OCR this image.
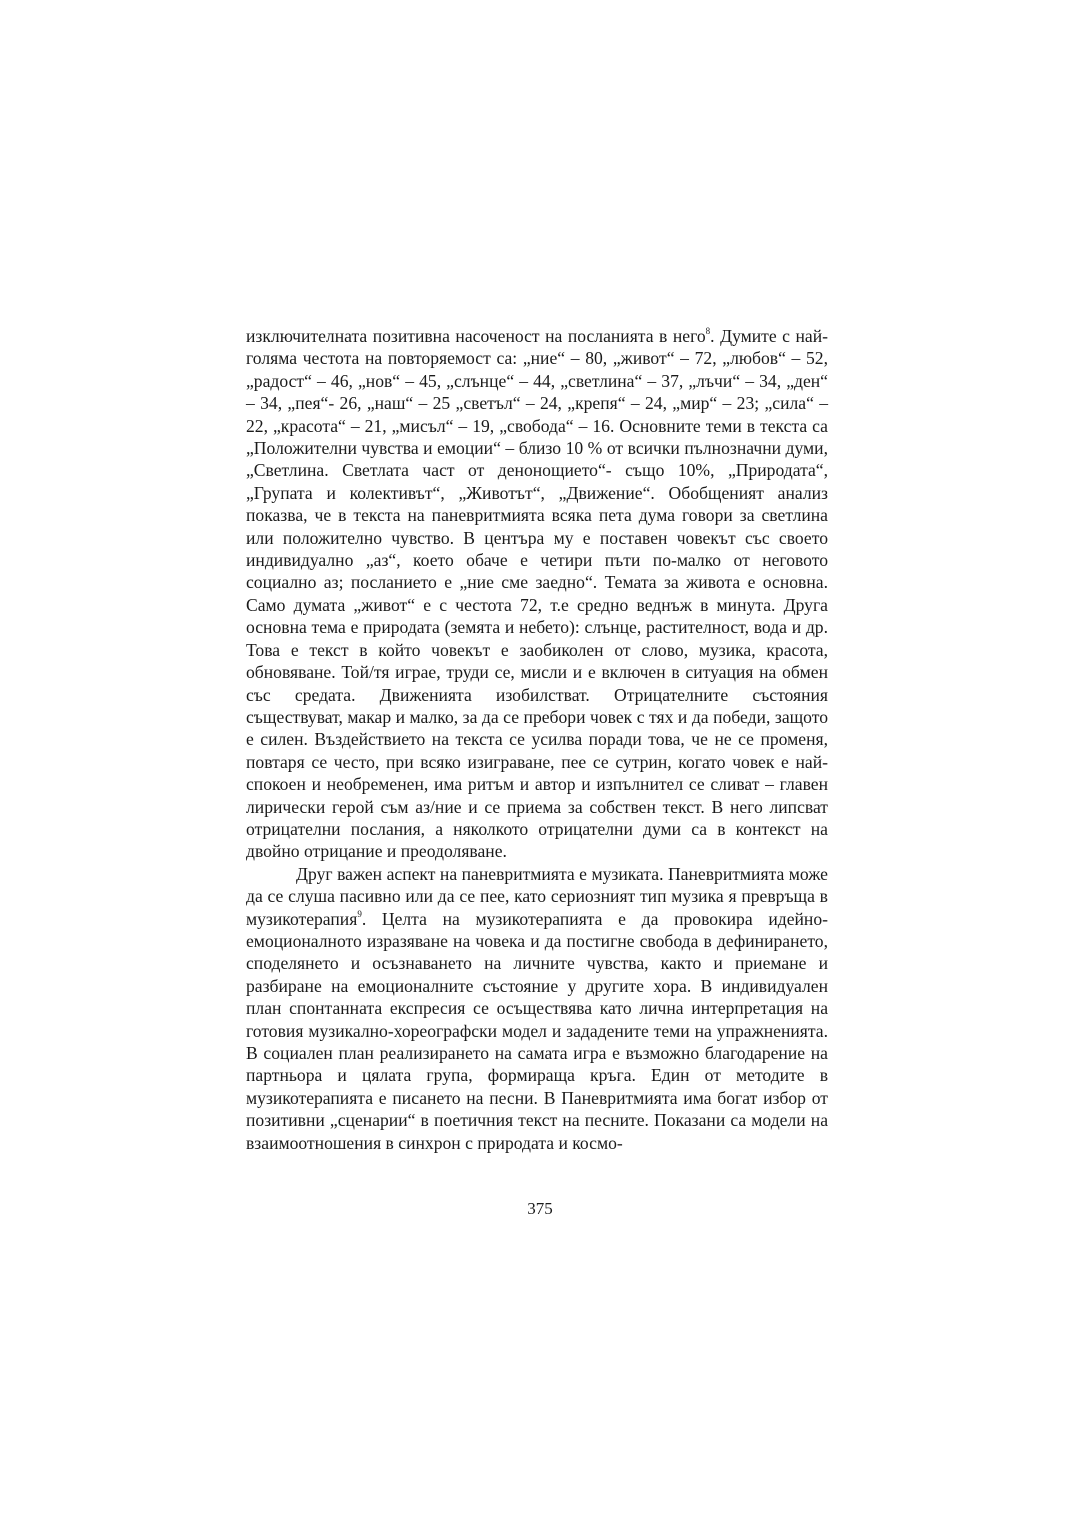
изключителната позитивна насоченост на посланията в него$^8$. Думите с най-голяма честота на повторяемост са: „ние“ – 80, „живот“ – 72, „любов“ – 52, „радост“ – 46, „нов“ – 45, „слънце“ – 44, „светлина“ – 37, „лъчи“ – 34, „ден“ – 34, „пея“- 26, „наш“ – 25 „светъл“ – 24, „крепя“ – 24, „мир“ – 23; „сила“ – 22, „красота“ – 21, „мисъл“ – 19, „свобода“ – 16. Основните теми в текста са „Положителни чувства и емоции“ – близо 10 % от всички пълнозначни думи, „Светлина. Светлата част от денонощието“- също 10%, „Природата“, „Групата и колективът“, „Животът“, „Движение“. Обобщеният анализ показва, че в текста на паневритмията всяка пета дума говори за светлина или положително чувство. В центъра му е поставен човекът със своето индивидуално „аз“, което обаче е четири пъти по-малко от неговото социално аз; посланието е „ние сме заедно“. Темата за живота е основна. Само думата „живот“ е с честота 72, т.е средно веднъж в минута. Друга основна тема е природата (земята и небето): слънце, растителност, вода и др. Това е текст в който човекът е заобиколен от слово, музика, красота, обновяване. Той/тя играе, труди се, мисли и е включен в ситуация на обмен със средата. Движенията изобилстват. Отрицателните състояния съществуват, макар и малко, за да се пребори човек с тях и да победи, защото е силен. Въздействието на текста се усилва поради това, че не се променя, повтаря се често, при всяко изиграване, пее се сутрин, когато човек е най-спокоен и необременен, има ритъм и автор и изпълнител се сливат – главен лирически герой съм аз/ние и се приема за собствен текст. В него липсват отрицателни послания, а няколкото отрицателни думи са в контекст на двойно отрицание и преодоляване.

Друг важен аспект на паневритмията е музиката. Паневритмията може да се слуша пасивно или да се пее, като сериозният тип музика я превръща в музикотерапия$^9$. Целта на музикотерапията е да провокира идейно-емоционалното изразяване на човека и да постигне свобода в дефинирането, споделянето и осъзнаването на личните чувства, както и приемане и разбиране на емоционалните състояние у другите хора. В индивидуален план спонтанната експресия се осъществява като лична интерпретация на готовия музикално-хореографски модел и зададените теми на упражненията. В социален план реализирането на самата игра е възможно благодарение на партньора и цялата група, формираща кръга. Един от методите в музикотерапията е писането на песни. В Паневритмията има богат избор от позитивни „сценарии“ в поетичния текст на песните. Показани са модели на взаимоотношения в синхрон с природата и космо-

375
